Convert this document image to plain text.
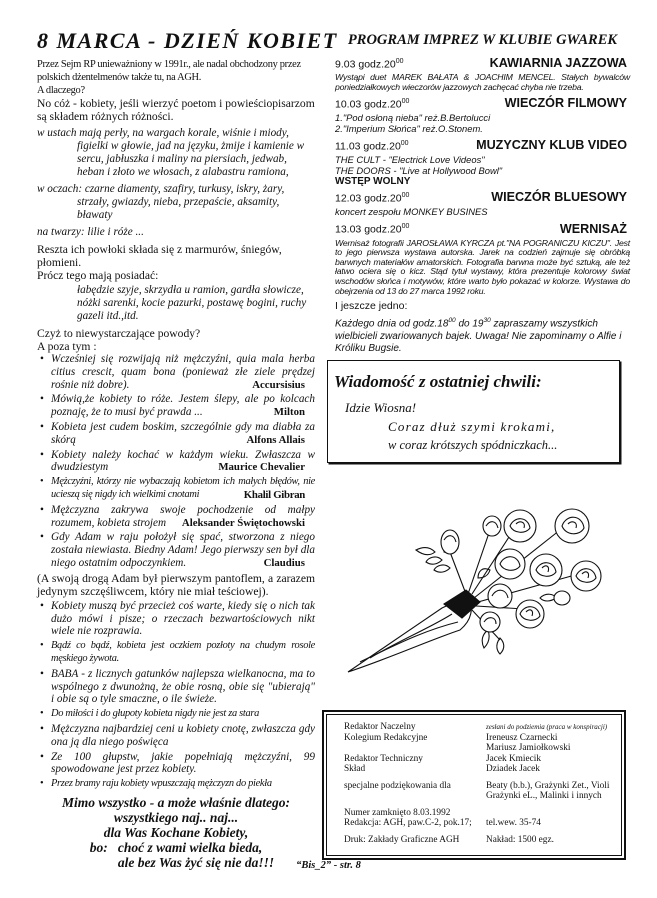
8 MARCA - DZIEŃ KOBIET

Przez Sejm RP unieważniony w 1991r., ale nadal obchodzony przez polskich dżentelmenów także tu, na AGH.

A dlaczego?

No cóż - kobiety, jeśli wierzyć poetom i powieściopisarzom są składem różnych różności.

w ustach mają perły, na wargach korale, wiśnie i miody, figielki w głowie, jad na języku, żmije i kamienie w sercu, jabłuszka i maliny na piersiach, jedwab, heban i złoto we włosach, z alabastru ramiona,

w oczach: czarne diamenty, szafiry, turkusy, iskry, żary, strzały, gwiazdy, nieba, przepaście, aksamity, bławaty

na twarzy: lilie i róże ...

Reszta ich powłoki składa się z marmurów, śniegów, płomieni.

Prócz tego mają posiadać:

łabędzie szyje, skrzydła u ramion, gardła słowicze, nóżki sarenki, kocie pazurki, postawę bogini, ruchy gazeli itd.,itd.

Czyż to niewystarczające powody?

A poza tym :

• Wcześniej się rozwijają niż mężczyźni, quia mala herba citius crescit, quam bona (ponieważ złe ziele prędzej rośnie niż dobre).	Accursisius
• Mówią,że kobiety to róże. Jestem ślepy, ale po kolcach poznaję, że to musi być prawda ...	Milton
• Kobieta jest cudem boskim, szczególnie gdy ma diabła za skórą	Alfons Allais
• Kobiety należy kochać w każdym wieku. Zwłaszcza w dwudziestym	Maurice Chevalier
• Mężczyźni, którzy nie wybaczają kobietom ich małych błędów, nie ucieszą się nigdy ich wielkimi cnotami	Khalil Gibran
• Mężczyzna zakrywa swoje pochodzenie od małpy rozumem, kobieta strojem Aleksander Świętochowski
• Gdy Adam w raju położył się spać, stworzona z niego została niewiasta. Biedny Adam! Jego pierwszy sen był dla niego ostatnim odpoczynkiem.	Claudius

(A swoją drogą Adam był pierwszym pantoflem, a zarazem jedynym szczęśliwcem, który nie miał teściowej).

• Kobiety muszą być przecież coś warte, kiedy się o nich tak dużo mówi i pisze; o rzeczach bezwartościowych nikt wiele nie rozprawia.
• Bądź co bądź, kobieta jest oczkiem pozłoty na chudym rosole męskiego żywota.
• BABA - z licznych gatunków najlepsza wielkanocna, ma to wspólnego z dwunożną, że obie rosną, obie się "ubierają" i obie są o tyle smaczne, o ile świeże.
• Do miłości i do głupoty kobieta nigdy nie jest za stara
• Mężczyzna najbardziej ceni u kobiety cnotę, zwłaszcza gdy ona ją dla niego poświęca
• Ze 100 głupstw, jakie popełniają mężczyźni, 99 spowodowane jest przez kobiety.
• Przez bramy raju kobiety wpuszczają mężczyzn do piekła
Mimo wszystko - a może właśnie dlatego:
wszystkiego naj.. naj...
dla Was Kochane Kobiety,
bo:   choć z wami wielka bieda,
ale bez Was żyć się nie da!!!
PROGRAM IMPREZ W KLUBIE GWAREK
9.03 $godz.20^{00}$	KAWIARNIA JAZZOWA

Wystąpi duet MAREK BAŁATA & JOACHIM MENCEL. Stałych bywalców poniedziałkowych wieczorów jazzowych zachęcać chyba nie trzeba.

10.03 $godz.20^{00}$	WIECZÓR FILMOWY
1."Pod osłoną nieba" reż.B.Bertolucci
2."Imperium Słońca" reż.O.Stonem.
11.03 $godz.20^{00}$	MUZYCZNY KLUB VIDEO
THE CULT - "Electrick Love Videos"
THE DOORS - "Live at Hollywood Bowl"

WSTĘP WOLNY

12.03 $godz.20^{00}$	WIECZÓR BLUESOWY

koncert zespołu MONKEY BUSINES

13.03 $godz.20^{00}$	WERNISAŻ

Wernisaż fotografii JAROSŁAWA KYRCZA pt."NA POGRANICZU KICZU". Jest to jego pierwsza wystawa autorska. Jarek na codzień zajmuje się obróbką barwnych materiałów amatorskich. Fotografia barwna może być sztuką, ale też łatwo ociera się o kicz. Stąd tytuł wystawy, która prezentuje kolorowy świat wschodów słońca i motywów, które warto było pokazać w kolorze. Wystawa do obejrzenia od 13 do 27 marca 1992 roku.

I jeszcze jedno:

Każdego dnia od $godz.18^{00}$ do $19^{30}$ zapraszamy wszystkich wielbicieli zwariowanych bajek. Uwaga! Nie zapominamy o Alfie i Króliku Bugsie.

Wiadomość z ostatniej chwili:
Idzie Wiosna!
Coraz dłuż szymi krokami,
w coraz krótszych spódniczkach...
Redaktor Naczelny	zesłani do podziemia (praca w konspiracji)
Kolegium Redakcyjne	Ireneusz Czarnecki
Mariusz Jamiołkowski
Redaktor Techniczny	Jacek Kmiecik
Skład	Dziadek Jacek
specjalne podziękowania dla	Beaty (b.b.), Grażynki Zet., Violi
Grażynki eL., Malinki i innych
Numer zamknięto 8.03.1992
Redakcja: AGH, paw.C-2, pok.17;	tel.wew. 35-74
Druk: Zakłady Graficzne AGH	Nakład: 1500 egz.
“Bis_2” - str. 8
